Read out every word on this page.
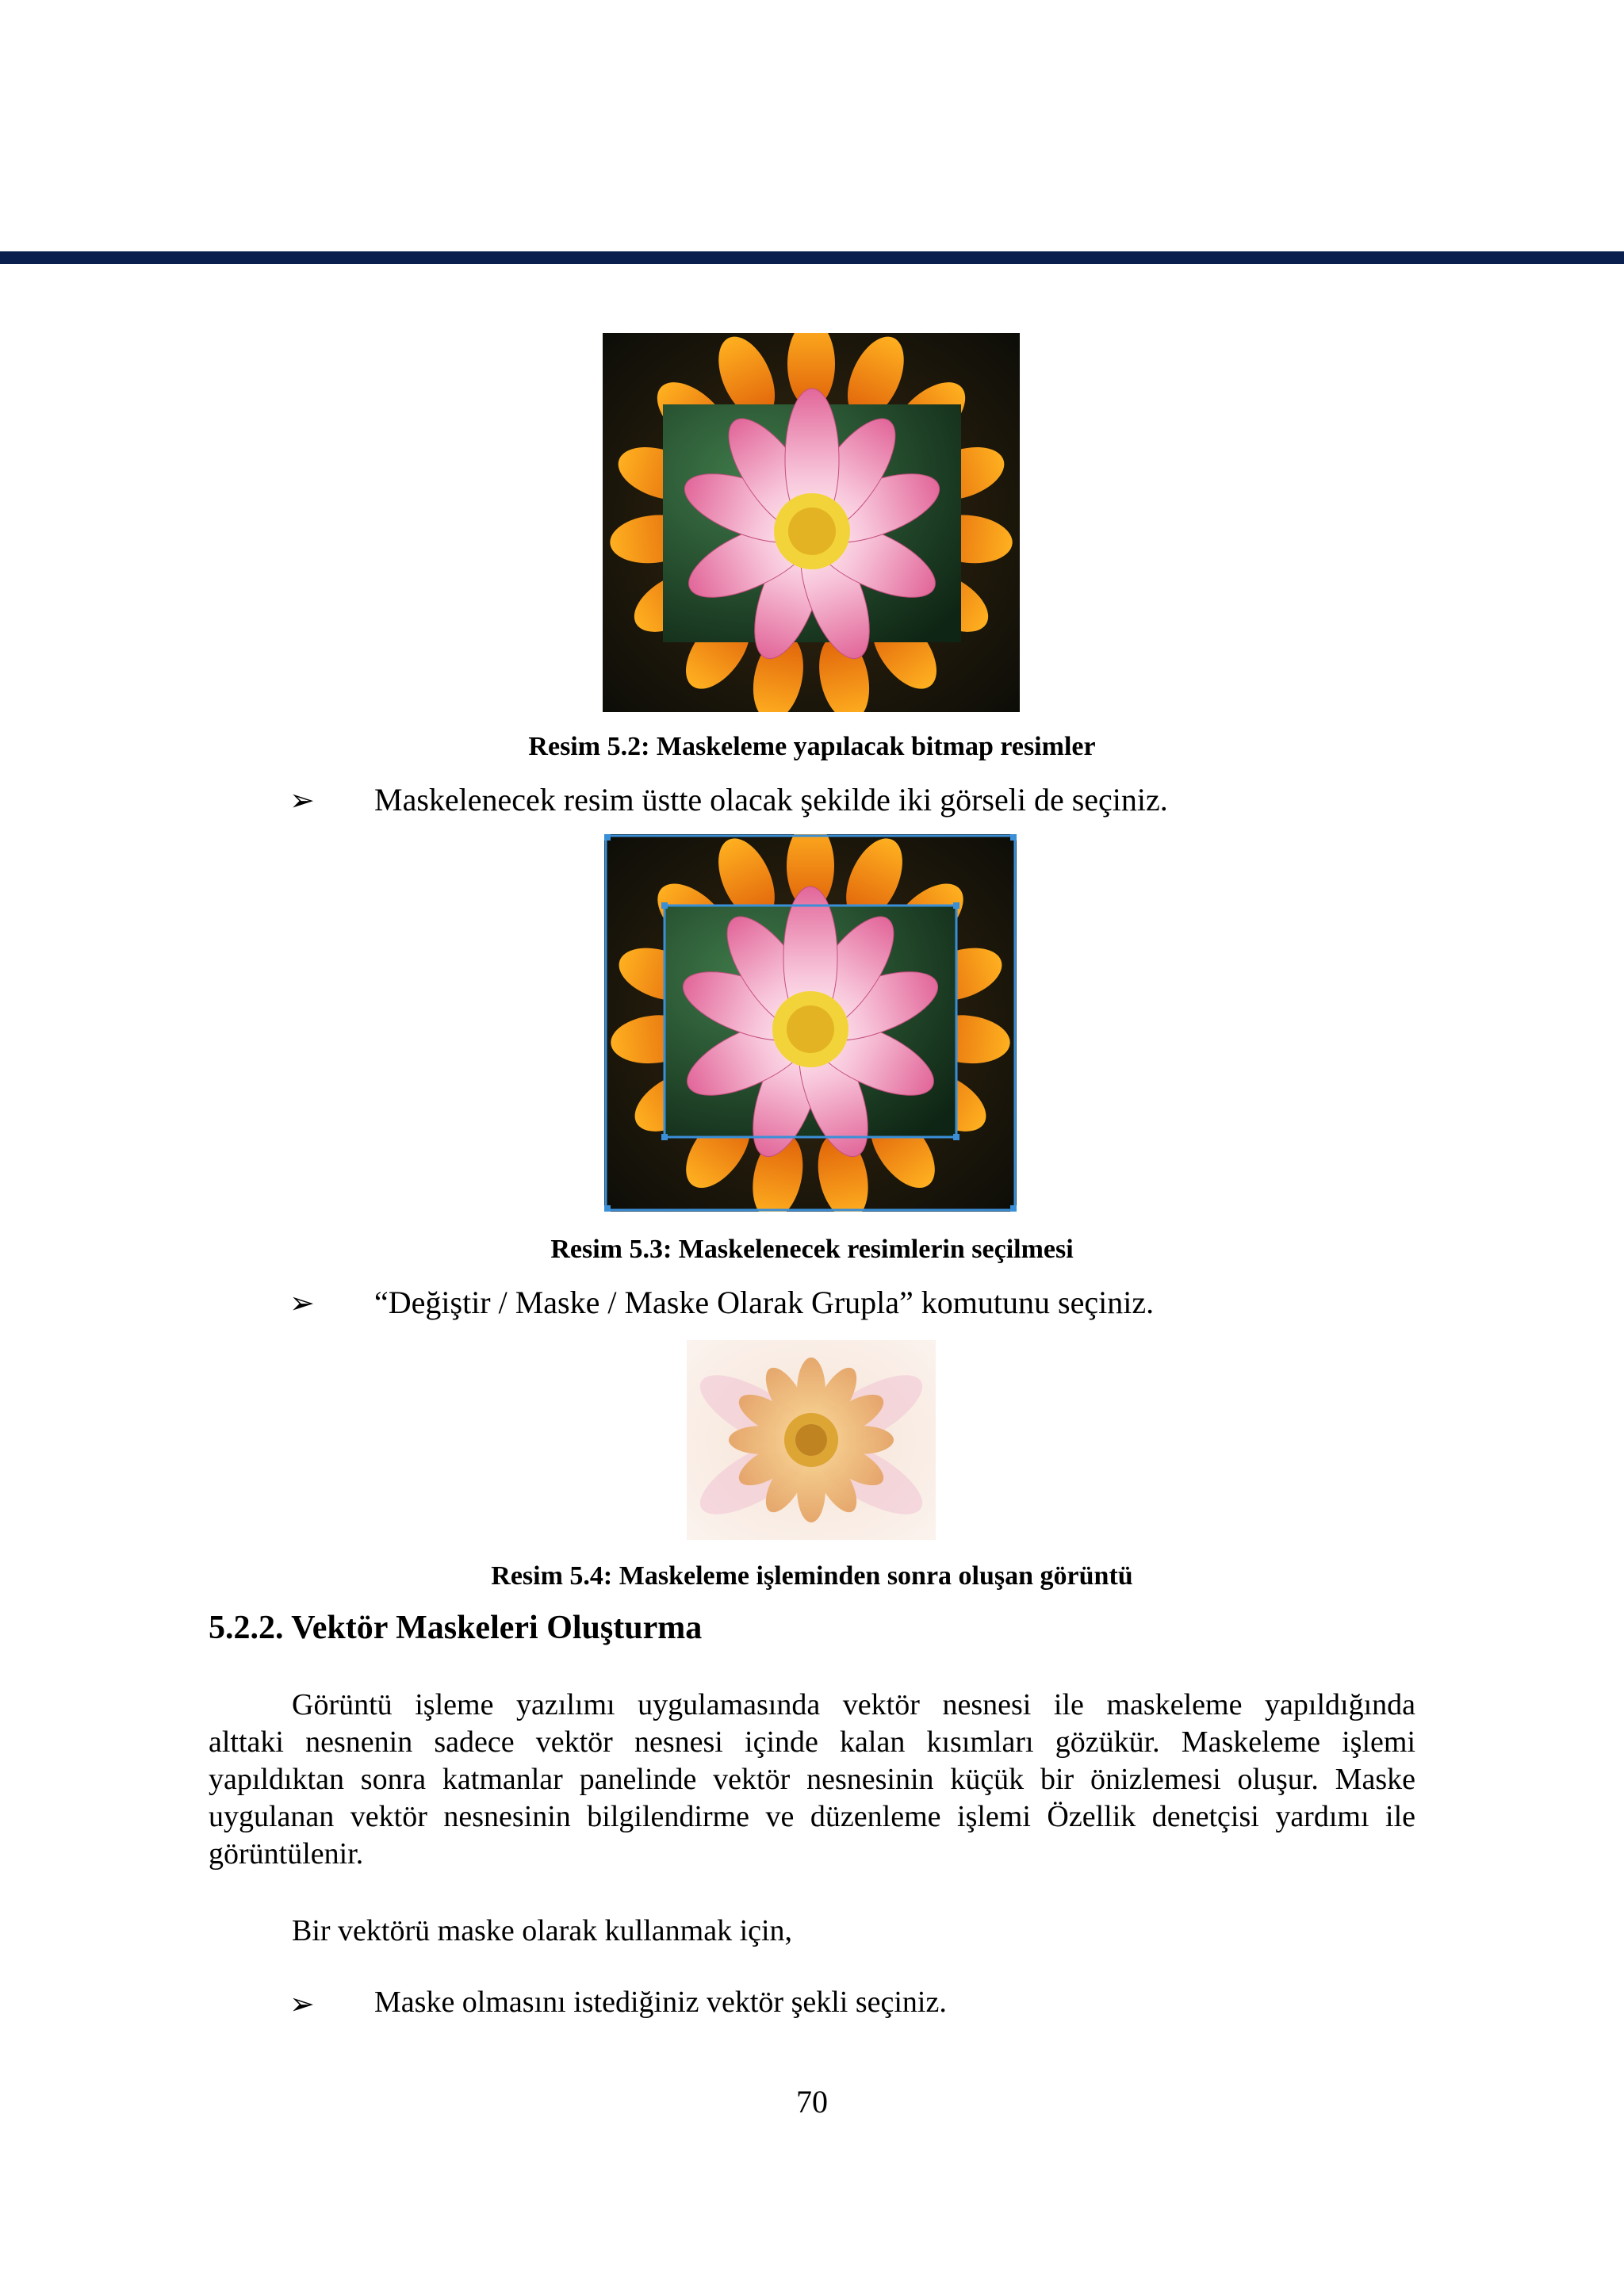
Resim 5.2: Maskeleme yapılacak bitmap resimler
➢ Maskelenecek resim üstte olacak şekilde iki görseli de seçiniz.
Resim 5.3: Maskelenecek resimlerin seçilmesi
➢ “Değiştir / Maske / Maske Olarak Grupla” komutunu seçiniz.
Resim 5.4: Maskeleme işleminden sonra oluşan görüntü
5.2.2. Vektör Maskeleri Oluşturma
Görüntü işleme yazılımı uygulamasında vektör nesnesi ile maskeleme yapıldığında
alttaki nesnenin sadece vektör nesnesi içinde kalan kısımları gözükür. Maskeleme işlemi
yapıldıktan sonra katmanlar panelinde vektör nesnesinin küçük bir önizlemesi oluşur. Maske
uygulanan vektör nesnesinin bilgilendirme ve düzenleme işlemi Özellik denetçisi yardımı ile
görüntülenir.
Bir vektörü maske olarak kullanmak için,
➢ Maske olmasını istediğiniz vektör şekli seçiniz.
70
